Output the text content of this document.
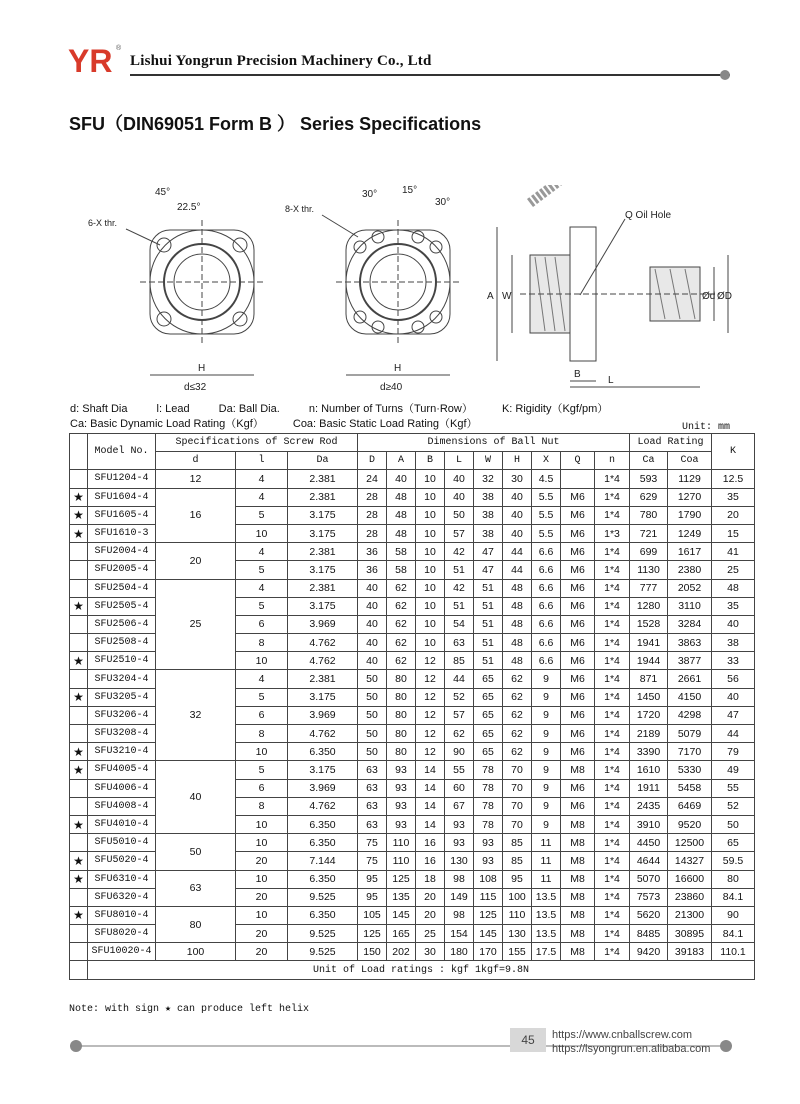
YR ®
Lishui Yongrun Precision Machinery Co., Ltd
SFU（DIN69051 Form B ） Series Specifications
6-X thr.
45°
22.5°
H
d≤32
8-X thr.
30° 15°
30°
H
d≥40
Q Oil Hole
A W	Ød ØD
B
L
d: Shaft Dia	l: Lead	Da: Ball Dia.	n: Number of Turns（Turn·Row）	K: Rigidity（Kgf/pm）
Ca: Basic Dynamic Load Rating（Kgf）	Coa: Basic Static Load Rating（Kgf）	Unit: mm
	Model No.	Specifications of Screw Rod			Dimensions of Ball Nut									Load Rating		K
		d	l	Da	D	A	B	L	W	H	X	Q	n	Ca	Coa	
	SFU1204-4	12	4	2.381	24	40	10	40	32	30	4.5		1*4	593	1129	12.5
★	SFU1604-4	16	4	2.381	28	48	10	40	38	40	5.5	M6	1*4	629	1270	35
★	SFU1605-4		5	3.175	28	48	10	50	38	40	5.5	M6	1*4	780	1790	20
★	SFU1610-3		10	3.175	28	48	10	57	38	40	5.5	M6	1*3	721	1249	15
	SFU2004-4	20	4	2.381	36	58	10	42	47	44	6.6	M6	1*4	699	1617	41
	SFU2005-4		5	3.175	36	58	10	51	47	44	6.6	M6	1*4	1130	2380	25
	SFU2504-4	25	4	2.381	40	62	10	42	51	48	6.6	M6	1*4	777	2052	48
★	SFU2505-4		5	3.175	40	62	10	51	51	48	6.6	M6	1*4	1280	3110	35
	SFU2506-4		6	3.969	40	62	10	54	51	48	6.6	M6	1*4	1528	3284	40
	SFU2508-4		8	4.762	40	62	10	63	51	48	6.6	M6	1*4	1941	3863	38
★	SFU2510-4		10	4.762	40	62	12	85	51	48	6.6	M6	1*4	1944	3877	33
	SFU3204-4	32	4	2.381	50	80	12	44	65	62	9	M6	1*4	871	2661	56
★	SFU3205-4		5	3.175	50	80	12	52	65	62	9	M6	1*4	1450	4150	40
	SFU3206-4		6	3.969	50	80	12	57	65	62	9	M6	1*4	1720	4298	47
	SFU3208-4		8	4.762	50	80	12	62	65	62	9	M6	1*4	2189	5079	44
★	SFU3210-4		10	6.350	50	80	12	90	65	62	9	M6	1*4	3390	7170	79
★	SFU4005-4	40	5	3.175	63	93	14	55	78	70	9	M8	1*4	1610	5330	49
	SFU4006-4		6	3.969	63	93	14	60	78	70	9	M6	1*4	1911	5458	55
	SFU4008-4		8	4.762	63	93	14	67	78	70	9	M6	1*4	2435	6469	52
★	SFU4010-4		10	6.350	63	93	14	93	78	70	9	M8	1*4	3910	9520	50
	SFU5010-4	50	10	6.350	75	110	16	93	93	85	11	M8	1*4	4450	12500	65
★	SFU5020-4		20	7.144	75	110	16	130	93	85	11	M8	1*4	4644	14327	59.5
★	SFU6310-4	63	10	6.350	95	125	18	98	108	95	11	M8	1*4	5070	16600	80
	SFU6320-4		20	9.525	95	135	20	149	115	100	13.5	M8	1*4	7573	23860	84.1
★	SFU8010-4	80	10	6.350	105	145	20	98	125	110	13.5	M8	1*4	5620	21300	90
	SFU8020-4		20	9.525	125	165	25	154	145	130	13.5	M8	1*4	8485	30895	84.1
	SFU10020-4	100	20	9.525	150	202	30	180	170	155	17.5	M8	1*4	9420	39183	110.1
	Unit of Load ratings : kgf 1kgf=9.8N															
Note: with sign ★ can produce left helix
45	https://www.cnballscrew.com
https://lsyongrun.en.alibaba.com
